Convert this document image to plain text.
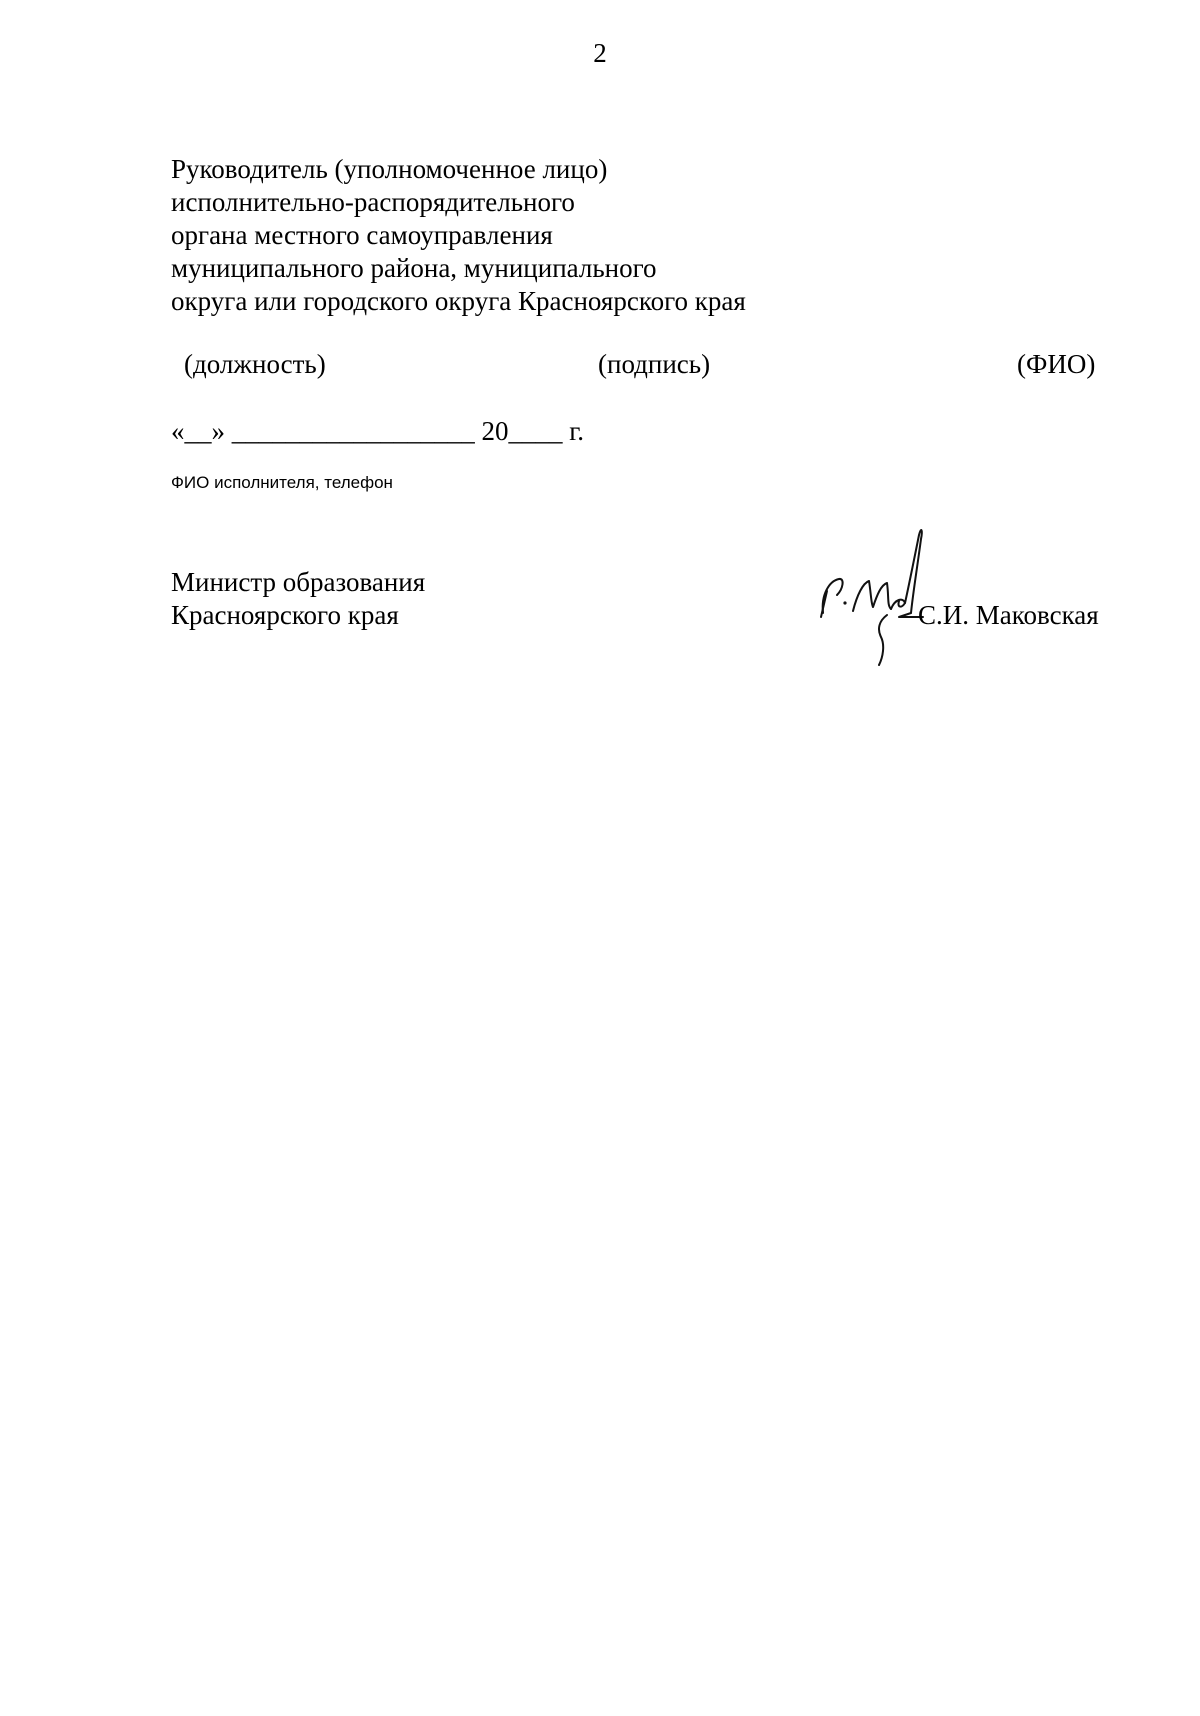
2
Руководитель (уполномоченное лицо)
исполнительно-распорядительного
органа местного самоуправления
муниципального района, муниципального
округа или городского округа Красноярского края
(должность)	(подпись)	(ФИО)
«__» __________________ 20____ г.
ФИО исполнителя, телефон
Министр образования
Красноярского края	С.И. Маковская
